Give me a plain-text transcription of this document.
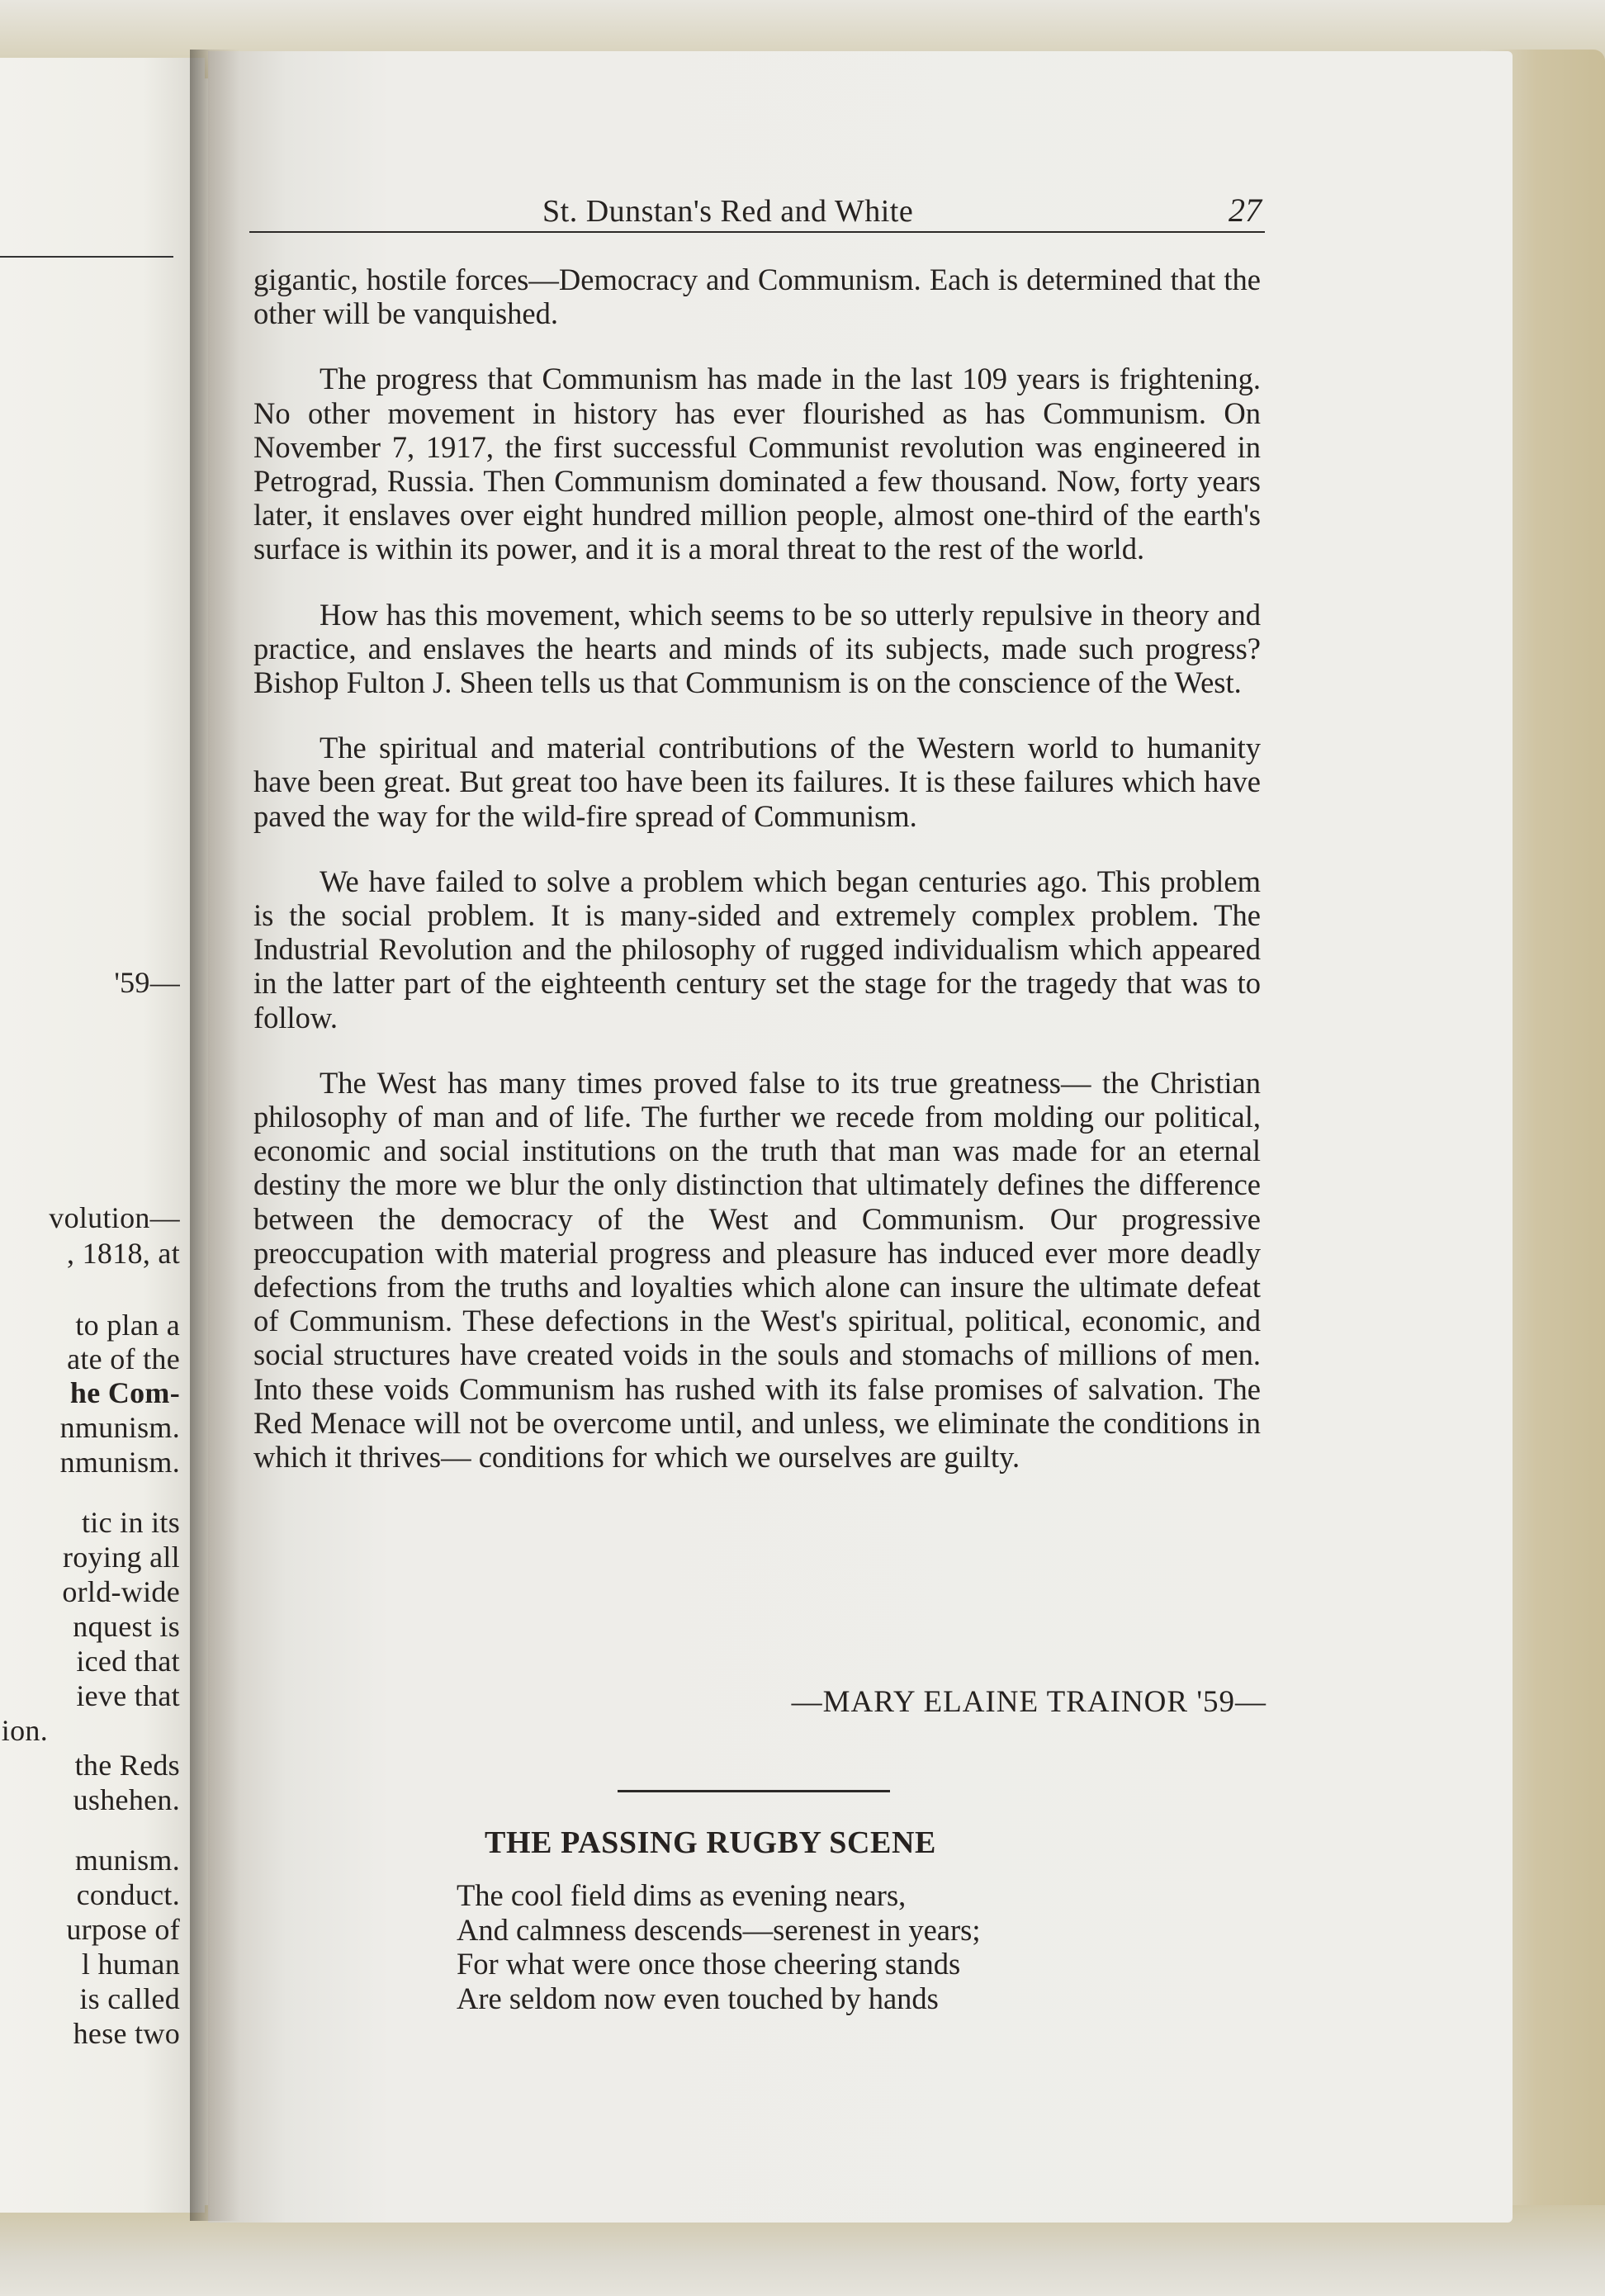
'59—
volution—
, 1818, at
to plan a
ate of the
he Com-
nmunism.
nmunism.
tic in its
roying all
orld-wide
nquest is
iced that
ieve that
ion.
the Reds
ushehen.
munism.
conduct.
urpose of
l human
is called
hese two
St. Dunstan's Red and White	27

gigantic, hostile forces—Democracy and Communism. Each is determined that the other will be vanquished.

The progress that Communism has made in the last 109 years is frightening. No other movement in history has ever flourished as has Communism. On November 7, 1917, the first successful Communist revolution was engineered in Petrograd, Russia. Then Communism dominated a few thousand. Now, forty years later, it enslaves over eight hundred million people, almost one-third of the earth's surface is within its power, and it is a moral threat to the rest of the world.

How has this movement, which seems to be so utterly repulsive in theory and practice, and enslaves the hearts and minds of its subjects, made such progress? Bishop Fulton J. Sheen tells us that Communism is on the conscience of the West.

The spiritual and material contributions of the Western world to humanity have been great. But great too have been its failures. It is these failures which have paved the way for the wild-fire spread of Communism.

We have failed to solve a problem which began centuries ago. This problem is the social problem. It is many-sided and extremely complex problem. The Industrial Revolution and the philosophy of rugged individualism which appeared in the latter part of the eighteenth century set the stage for the tragedy that was to follow.

The West has many times proved false to its true greatness— the Christian philosophy of man and of life. The further we recede from molding our political, economic and social institutions on the truth that man was made for an eternal destiny the more we blur the only distinction that ultimately defines the difference between the democracy of the West and Communism. Our progressive preoccupation with material progress and pleasure has induced ever more deadly defections from the truths and loyalties which alone can insure the ultimate defeat of Communism. These defections in the West's spiritual, political, economic, and social structures have created voids in the souls and stomachs of millions of men. Into these voids Communism has rushed with its false promises of salvation. The Red Menace will not be overcome until, and unless, we eliminate the conditions in which it thrives— conditions for which we ourselves are guilty.

—MARY ELAINE TRAINOR '59—
THE PASSING RUGBY SCENE
The cool field dims as evening nears,
And calmness descends—serenest in years;
For what were once those cheering stands
Are seldom now even touched by hands
